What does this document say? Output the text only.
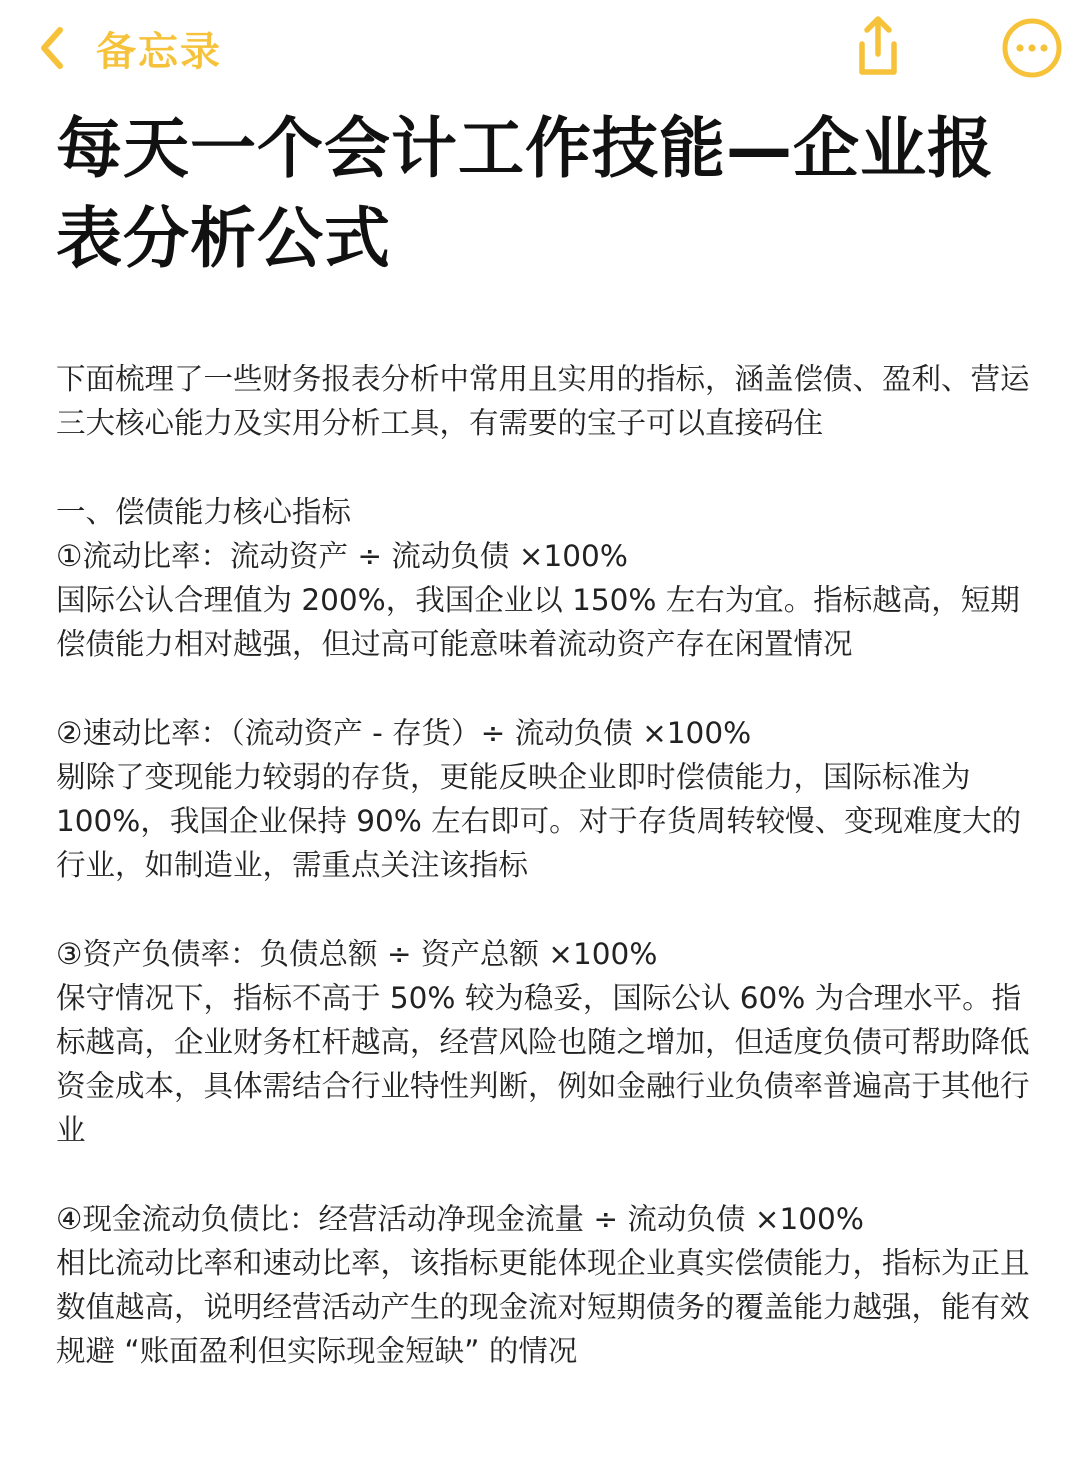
备忘录
每天一个会计工作技能—企业报表分析公式

下面梳理了一些财务报表分析中常用且实用的指标，涵盖偿债、盈利、营运三大核心能力及实用分析工具，有需要的宝子可以直接码住

一、偿债能力核心指标

①流动比率：流动资产 ÷ 流动负债 ×100%

国际公认合理值为 200%，我国企业以 150% 左右为宜。指标越高，短期偿债能力相对越强，但过高可能意味着流动资产存在闲置情况

②速动比率：（流动资产 - 存货）÷ 流动负债 ×100%

剔除了变现能力较弱的存货，更能反映企业即时偿债能力，国际标准为 100%，我国企业保持 90% 左右即可。对于存货周转较慢、变现难度大的行业，如制造业，需重点关注该指标

③资产负债率：负债总额 ÷ 资产总额 ×100%

保守情况下，指标不高于 50% 较为稳妥，国际公认 60% 为合理水平。指标越高，企业财务杠杆越高，经营风险也随之增加，但适度负债可帮助降低资金成本，具体需结合行业特性判断，例如金融行业负债率普遍高于其他行业

④现金流动负债比：经营活动净现金流量 ÷ 流动负债 ×100%

相比流动比率和速动比率，该指标更能体现企业真实偿债能力，指标为正且数值越高，说明经营活动产生的现金流对短期债务的覆盖能力越强，能有效规避 “账面盈利但实际现金短缺” 的情况
